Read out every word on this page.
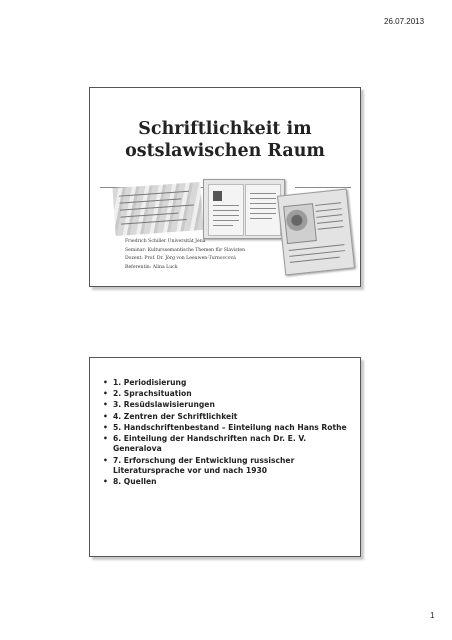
26.07.2013
Schriftlichkeit im
ostslawischen Raum
Friedrich Schiller Universität Jena
Seminar: Kulturssemantische Themen für Slavisten
Dozent: Prof. Dr. Jörg von Leeuwen-Turnovcová
Referentin: Alina Luck
• 1. Periodisierung
• 2. Sprachsituation
• 3. Resüdslawisierungen
• 4. Zentren der Schriftlichkeit
• 5. Handschriftenbestand – Einteilung nach Hans Rothe
• 6. Einteilung der Handschriften nach Dr. E. V. Generalova
• 7. Erforschung der Entwicklung russischer Literatursprache vor und nach 1930
• 8. Quellen
1
